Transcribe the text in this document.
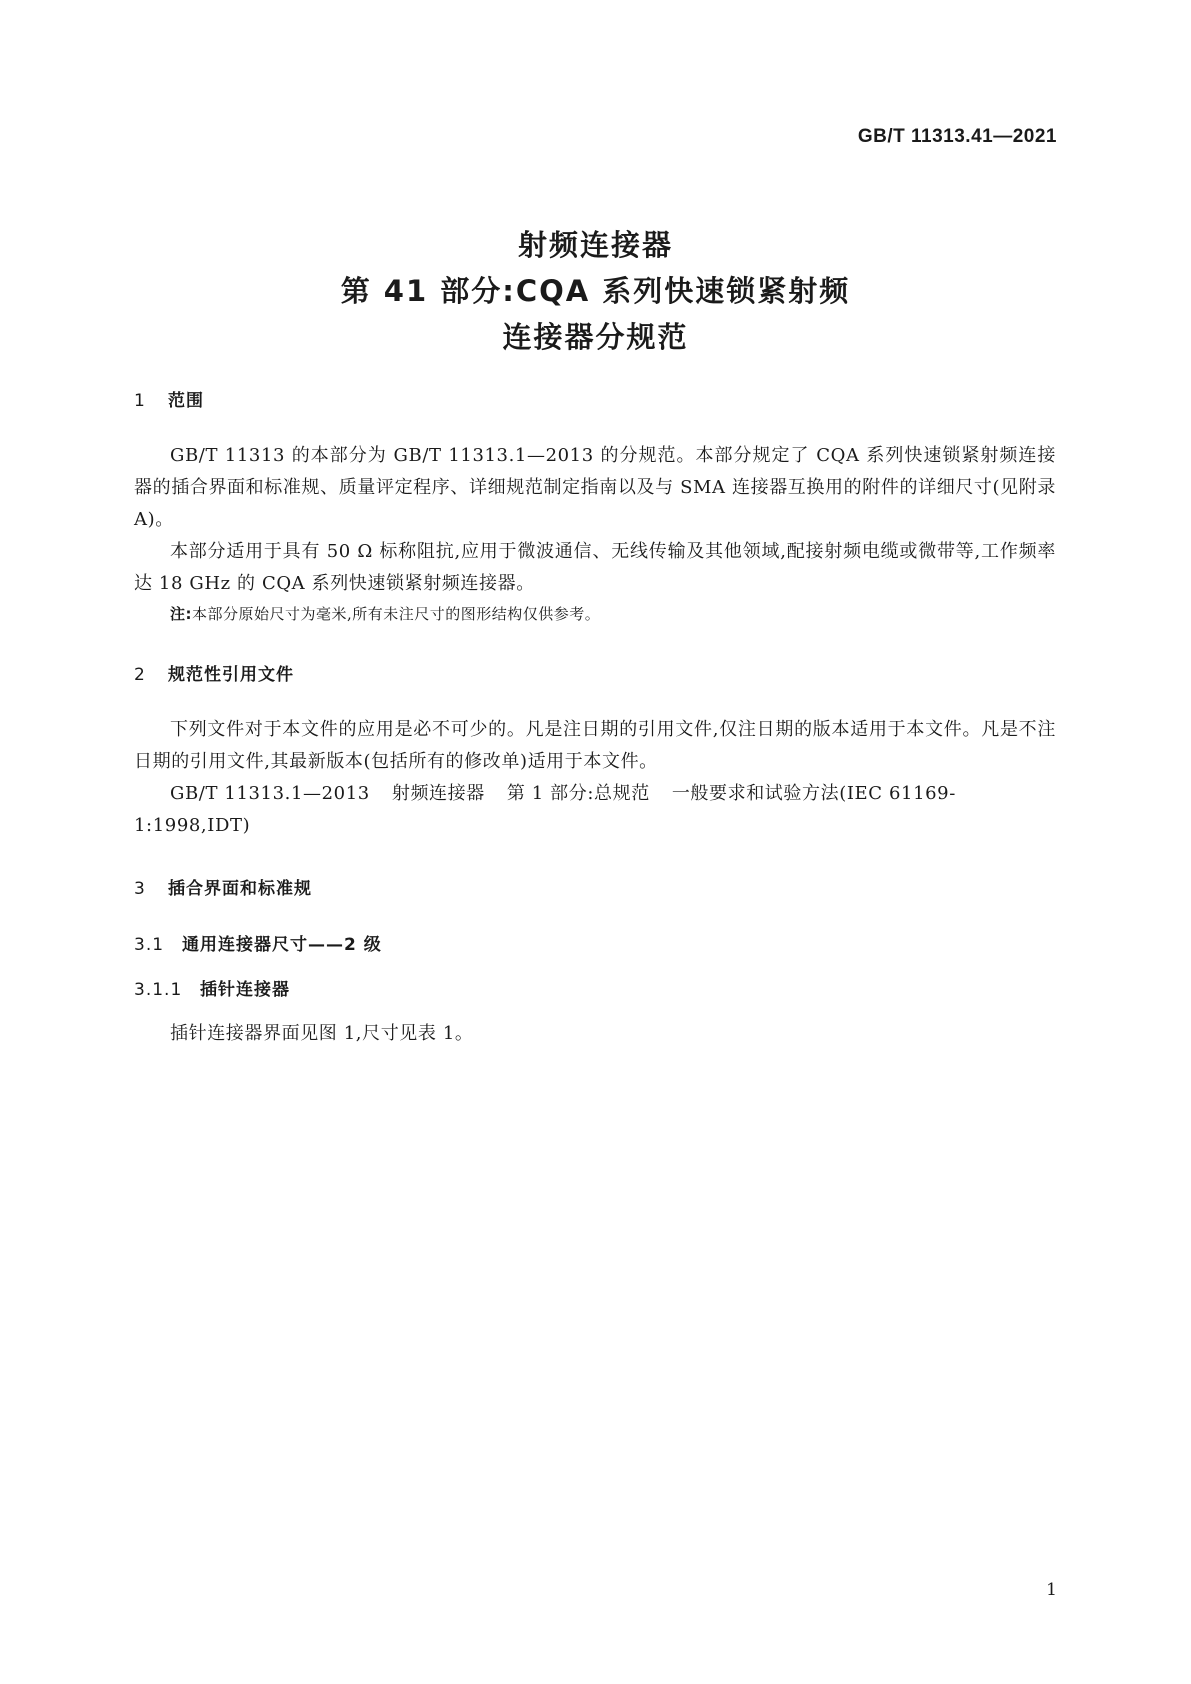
GB/T 11313.41—2021
射频连接器
第 41 部分:CQA 系列快速锁紧射频
连接器分规范
1 范围
GB/T 11313 的本部分为 GB/T 11313.1—2013 的分规范。本部分规定了 CQA 系列快速锁紧射频连接器的插合界面和标准规、质量评定程序、详细规范制定指南以及与 SMA 连接器互换用的附件的详细尺寸(见附录 A)。
本部分适用于具有 50 Ω 标称阻抗,应用于微波通信、无线传输及其他领域,配接射频电缆或微带等,工作频率达 18 GHz 的 CQA 系列快速锁紧射频连接器。
注:本部分原始尺寸为毫米,所有未注尺寸的图形结构仅供参考。
2 规范性引用文件
下列文件对于本文件的应用是必不可少的。凡是注日期的引用文件,仅注日期的版本适用于本文件。凡是不注日期的引用文件,其最新版本(包括所有的修改单)适用于本文件。
GB/T 11313.1—2013 射频连接器 第 1 部分:总规范 一般要求和试验方法(IEC 61169-1:1998,IDT)
3 插合界面和标准规
3.1 通用连接器尺寸——2 级
3.1.1 插针连接器
插针连接器界面见图 1,尺寸见表 1。
1
